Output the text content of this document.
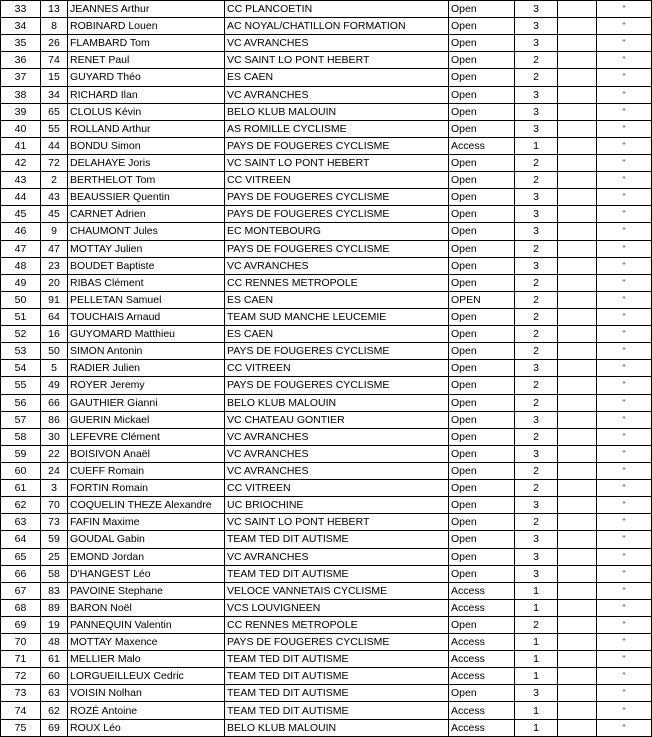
33	13	JEANNES Arthur	CC PLANCOETIN	Open	3		"
34	8	ROBINARD Louen	AC NOYAL/CHATILLON FORMATION	Open	3		"
35	26	FLAMBARD Tom	VC AVRANCHES	Open	3		"
36	74	RENET Paul	VC SAINT LO PONT HEBERT	Open	2		"
37	15	GUYARD Théo	ES CAEN	Open	2		"
38	34	RICHARD Ilan	VC AVRANCHES	Open	3		"
39	65	CLOLUS Kévin	BELO KLUB MALOUIN	Open	3		"
40	55	ROLLAND Arthur	AS ROMILLE CYCLISME	Open	3		"
41	44	BONDU Simon	PAYS DE FOUGERES CYCLISME	Access	1		"
42	72	DELAHAYE Joris	VC SAINT LO PONT HEBERT	Open	2		"
43	2	BERTHELOT Tom	CC VITREEN	Open	2		"
44	43	BEAUSSIER Quentin	PAYS DE FOUGERES CYCLISME	Open	3		"
45	45	CARNET Adrien	PAYS DE FOUGERES CYCLISME	Open	3		"
46	9	CHAUMONT Jules	EC MONTEBOURG	Open	3		"
47	47	MOTTAY Julien	PAYS DE FOUGERES CYCLISME	Open	2		"
48	23	BOUDET Baptiste	VC AVRANCHES	Open	3		"
49	20	RIBAS Clément	CC RENNES METROPOLE	Open	2		"
50	91	PELLETAN Samuel	ES CAEN	OPEN	2		"
51	64	TOUCHAIS Arnaud	TEAM SUD MANCHE LEUCEMIE	Open	2		"
52	16	GUYOMARD Matthieu	ES CAEN	Open	2		"
53	50	SIMON Antonin	PAYS DE FOUGERES CYCLISME	Open	2		"
54	5	RADIER Julien	CC VITREEN	Open	3		"
55	49	ROYER Jeremy	PAYS DE FOUGERES CYCLISME	Open	2		"
56	66	GAUTHIER Gianni	BELO KLUB MALOUIN	Open	2		"
57	86	GUERIN Mickael	VC CHATEAU GONTIER	Open	3		"
58	30	LEFEVRE Clément	VC AVRANCHES	Open	2		"
59	22	BOISIVON Anaël	VC AVRANCHES	Open	3		"
60	24	CUEFF Romain	VC AVRANCHES	Open	2		"
61	3	FORTIN Romain	CC VITREEN	Open	2		"
62	70	COQUELIN THEZE Alexandre	UC BRIOCHINE	Open	3		"
63	73	FAFIN Maxime	VC SAINT LO PONT HEBERT	Open	2		"
64	59	GOUDAL Gabin	TEAM TED DIT AUTISME	Open	3		"
65	25	EMOND Jordan	VC AVRANCHES	Open	3		"
66	58	D'HANGEST Léo	TEAM TED DIT AUTISME	Open	3		"
67	83	PAVOINE Stephane	VELOCE VANNETAIS CYCLISME	Access	1		"
68	89	BARON Noël	VCS LOUVIGNEEN	Access	1		"
69	19	PANNEQUIN Valentin	CC RENNES METROPOLE	Open	2		"
70	48	MOTTAY Maxence	PAYS DE FOUGERES CYCLISME	Access	1		"
71	61	MELLIER Malo	TEAM TED DIT AUTISME	Access	1		"
72	60	LORGUEILLEUX Cedric	TEAM TED DIT AUTISME	Access	1		"
73	63	VOISIN Nolhan	TEAM TED DIT AUTISME	Open	3		"
74	62	ROZÉ Antoine	TEAM TED DIT AUTISME	Access	1		"
75	69	ROUX Léo	BELO KLUB MALOUIN	Access	1		"
